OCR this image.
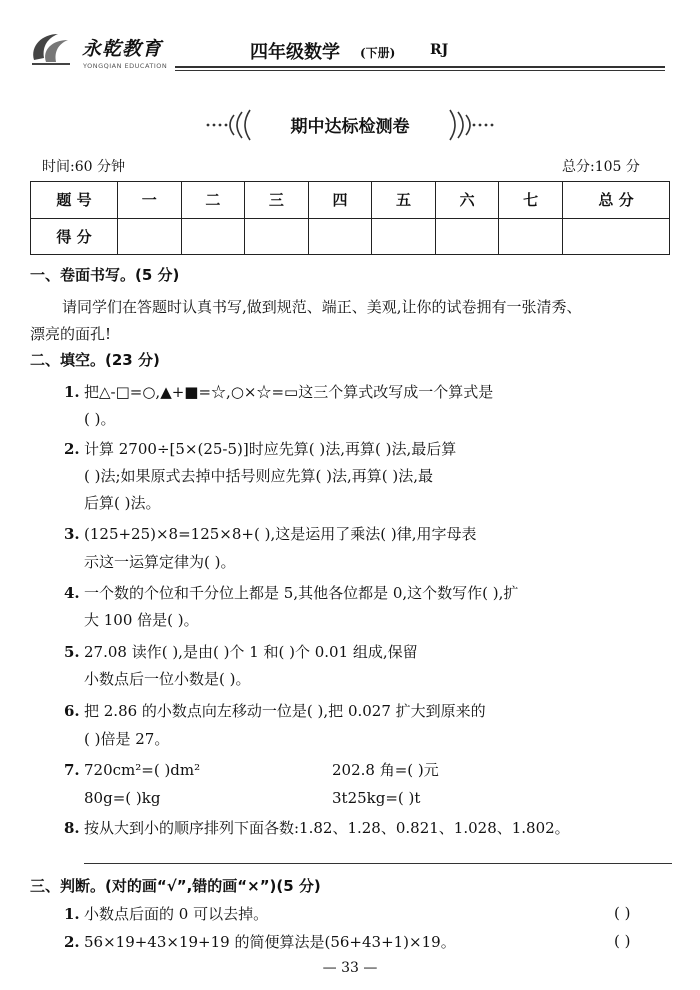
永乾教育
YONGQIAN EDUCATION
四年级数学 (下册) RJ
期中达标检测卷
时间:60 分钟	总分:105 分
题 号	一	二	三	四	五	六	七	总 分
得 分								
一、卷面书写。(5 分)
请同学们在答题时认真书写,做到规范、端正、美观,让你的试卷拥有一张清秀、
漂亮的面孔!
二、填空。(23 分)
1. 把△-□=○,▲+■=☆,○×☆=▭这三个算式改写成一个算式是
( )。
2. 计算 2700÷[5×(25-5)]时应先算( )法,再算( )法,最后算
( )法;如果原式去掉中括号则应先算( )法,再算( )法,最
后算( )法。
3. (125+25)×8=125×8+( ),这是运用了乘法( )律,用字母表
示这一运算定律为( )。
4. 一个数的个位和千分位上都是 5,其他各位都是 0,这个数写作( ),扩
大 100 倍是( )。
5. 27.08 读作( ),是由( )个 1 和( )个 0.01 组成,保留
小数点后一位小数是( )。
6. 把 2.86 的小数点向左移动一位是( ),把 0.027 扩大到原来的
( )倍是 27。
7. 720cm²=( )dm²	202.8 角=( )元
80g=( )kg	3t25kg=( )t
8. 按从大到小的顺序排列下面各数:1.82、1.28、0.821、1.028、1.802。
三、判断。(对的画“√”,错的画“×”)(5 分)
1. 小数点后面的 0 可以去掉。	( )
2. 56×19+43×19+19 的简便算法是(56+43+1)×19。	( )
— 33 —
